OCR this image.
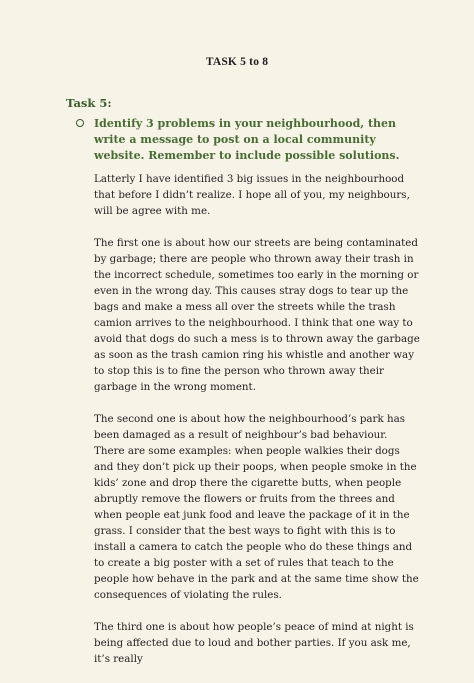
TASK 5 to 8
Task 5:
Identify 3 problems in your neighbourhood, then write a message to post on a local community website. Remember to include possible solutions.

Latterly I have identified 3 big issues in the neighbourhood that before I didn’t realize. I hope all of you, my neighbours, will be agree with me.

The first one is about how our streets are being contaminated by garbage; there are people who thrown away their trash in the incorrect schedule, sometimes too early in the morning or even in the wrong day. This causes stray dogs to tear up the bags and make a mess all over the streets while the trash camion arrives to the neighbourhood. I think that one way to avoid that dogs do such a mess is to thrown away the garbage as soon as the trash camion ring his whistle and another way to stop this is to fine the person who thrown away their garbage in the wrong moment.

The second one is about how the neighbourhood’s park has been damaged as a result of neighbour’s bad behaviour. There are some examples: when people walkies their dogs and they don’t pick up their poops, when people smoke in the kids’ zone and drop there the cigarette butts, when people abruptly remove the flowers or fruits from the threes and when people eat junk food and leave the package of it in the grass. I consider that the best ways to fight with this is to install a camera to catch the people who do these things and to create a big poster with a set of rules that teach to the people how behave in the park and at the same time show the consequences of violating the rules.

The third one is about how people’s peace of mind at night is being affected due to loud and bother parties. If you ask me, it’s really
